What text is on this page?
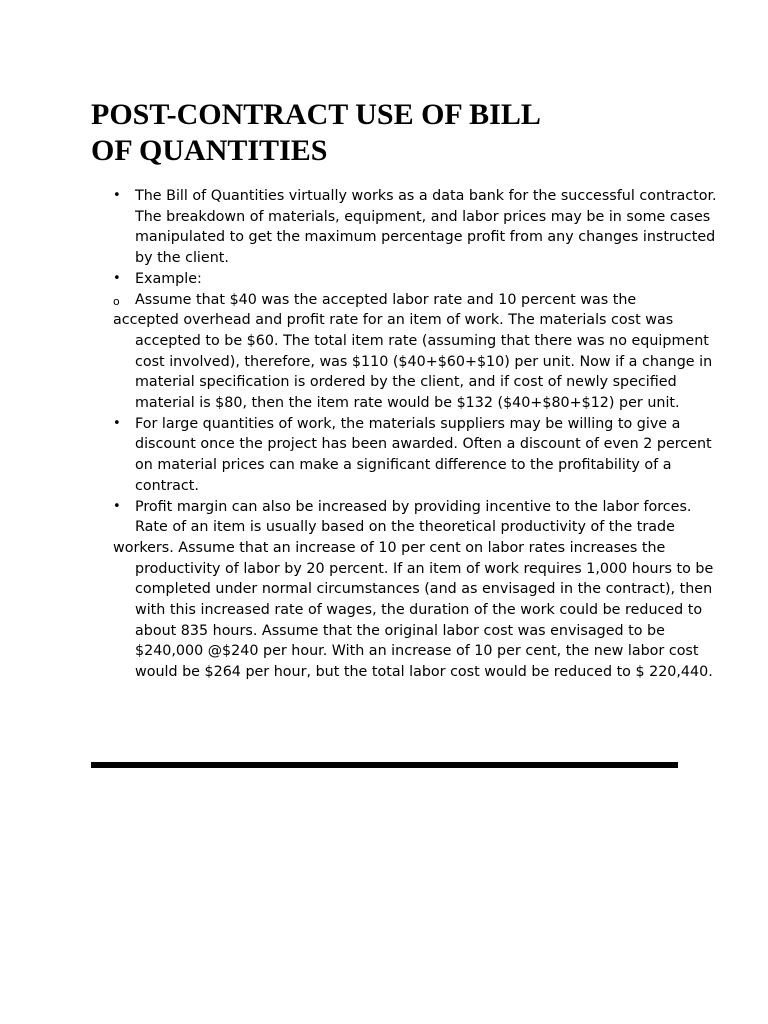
POST-CONTRACT USE OF BILL
OF QUANTITIES
•	The Bill of Quantities virtually works as a data bank for the successful contractor.
The breakdown of materials, equipment, and labor prices may be in some cases
manipulated to get the maximum percentage profit from any changes instructed
by the client.
•	Example:
o	Assume that $40 was the accepted labor rate and 10 percent was the
accepted overhead and profit rate for an item of work. The materials cost was
accepted to be $60. The total item rate (assuming that there was no equipment
cost involved), therefore, was $110 ($40+$60+$10) per unit. Now if a change in
material specification is ordered by the client, and if cost of newly specified
material is $80, then the item rate would be $132 ($40+$80+$12) per unit.
•	For large quantities of work, the materials suppliers may be willing to give a
discount once the project has been awarded. Often a discount of even 2 percent
on material prices can make a significant difference to the profitability of a
contract.
•	Profit margin can also be increased by providing incentive to the labor forces.
Rate of an item is usually based on the theoretical productivity of the trade
workers. Assume that an increase of 10 per cent on labor rates increases the
productivity of labor by 20 percent. If an item of work requires 1,000 hours to be
completed under normal circumstances (and as envisaged in the contract), then
with this increased rate of wages, the duration of the work could be reduced to
about 835 hours. Assume that the original labor cost was envisaged to be
$240,000 @$240 per hour. With an increase of 10 per cent, the new labor cost
would be $264 per hour, but the total labor cost would be reduced to $ 220,440.
